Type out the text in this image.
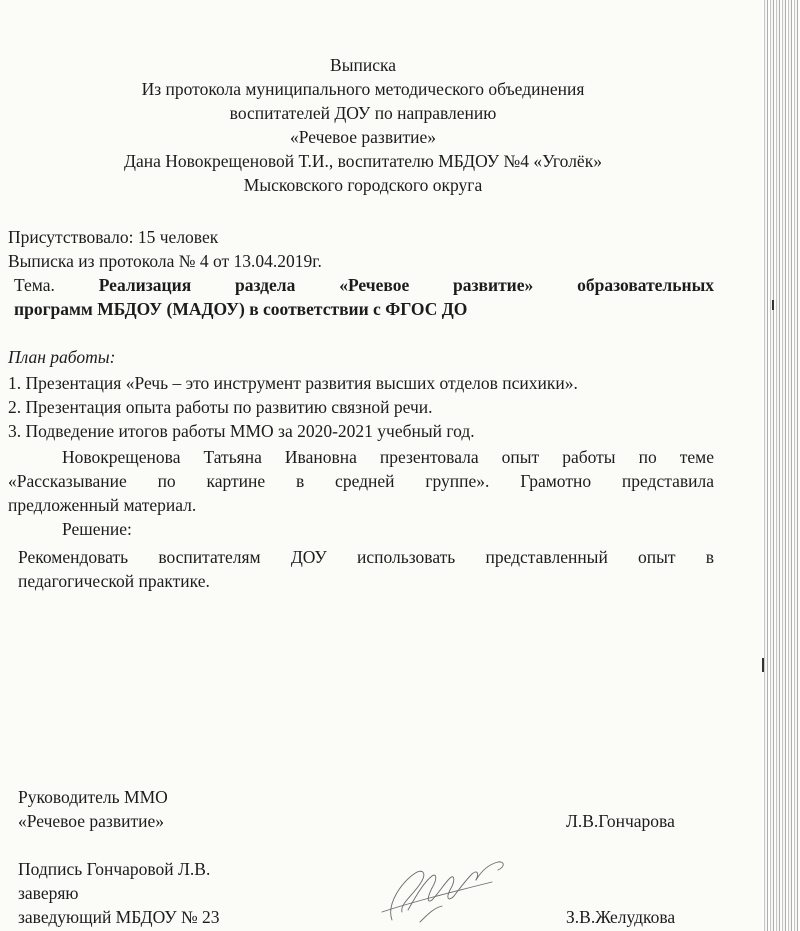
Выписка
Из протокола муниципального методического объединения
воспитателей ДОУ по направлению
«Речевое развитие»
Дана Новокрещеновой Т.И., воспитателю МБДОУ №4 «Уголёк»
Мысковского городского округа
Присутствовало: 15 человек
Выписка из протокола № 4 от 13.04.2019г.
Тема.	Реализация раздела «Речевое развитие» образовательных
программ МБДОУ (МАДОУ) в соответствии с ФГОС ДО
План работы:
1. Презентация «Речь – это инструмент развития высших отделов психики».
2. Презентация опыта работы по развитию связной речи.
3. Подведение итогов работы ММО за 2020-2021 учебный год.
Новокрещенова Татьяна Ивановна презентовала опыт работы по теме
«Рассказывание по картине в средней группе». Грамотно представила
предложенный материал.
Решение:
Рекомендовать воспитателям ДОУ использовать представленный опыт в
педагогической практике.
Руководитель ММО
«Речевое развитие»	Л.В.Гончарова
Подпись Гончаровой Л.В.
заверяю
заведующий МБДОУ № 23	З.В.Желудкова
